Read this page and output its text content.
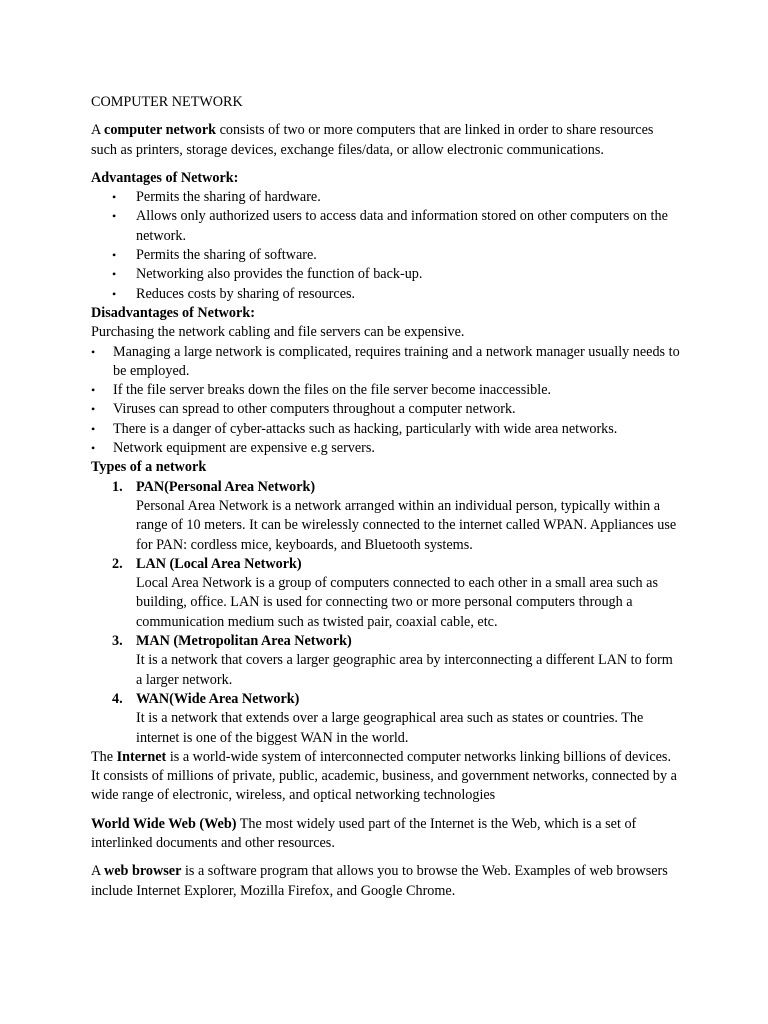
COMPUTER NETWORK

A computer network consists of two or more computers that are linked in order to share resources such as printers, storage devices, exchange files/data, or allow electronic communications.

Advantages of Network:

• Permits the sharing of hardware.
• Allows only authorized users to access data and information stored on other computers on the network.
• Permits the sharing of software.
• Networking also provides the function of back-up.
• Reduces costs by sharing of resources.

Disadvantages of Network:

Purchasing the network cabling and file servers can be expensive.

• Managing a large network is complicated, requires training and a network manager usually needs to be employed.
• If the file server breaks down the files on the file server become inaccessible.
• Viruses can spread to other computers throughout a computer network.
• There is a danger of cyber-attacks such as hacking, particularly with wide area networks.
• Network equipment are expensive e.g servers.

Types of a network

1. PAN(Personal Area Network)
Personal Area Network is a network arranged within an individual person, typically within a range of 10 meters. It can be wirelessly connected to the internet called WPAN. Appliances use for PAN: cordless mice, keyboards, and Bluetooth systems.
2. LAN (Local Area Network)
Local Area Network is a group of computers connected to each other in a small area such as building, office. LAN is used for connecting two or more personal computers through a communication medium such as twisted pair, coaxial cable, etc.
3. MAN (Metropolitan Area Network)
It is a network that covers a larger geographic area by interconnecting a different LAN to form a larger network.
4. WAN(Wide Area Network)
It is a network that extends over a large geographical area such as states or countries. The internet is one of the biggest WAN in the world.

The Internet is a world-wide system of interconnected computer networks linking billions of devices. It consists of millions of private, public, academic, business, and government networks, connected by a wide range of electronic, wireless, and optical networking technologies

World Wide Web (Web) The most widely used part of the Internet is the Web, which is a set of interlinked documents and other resources.

A web browser is a software program that allows you to browse the Web. Examples of web browsers include Internet Explorer, Mozilla Firefox, and Google Chrome.
